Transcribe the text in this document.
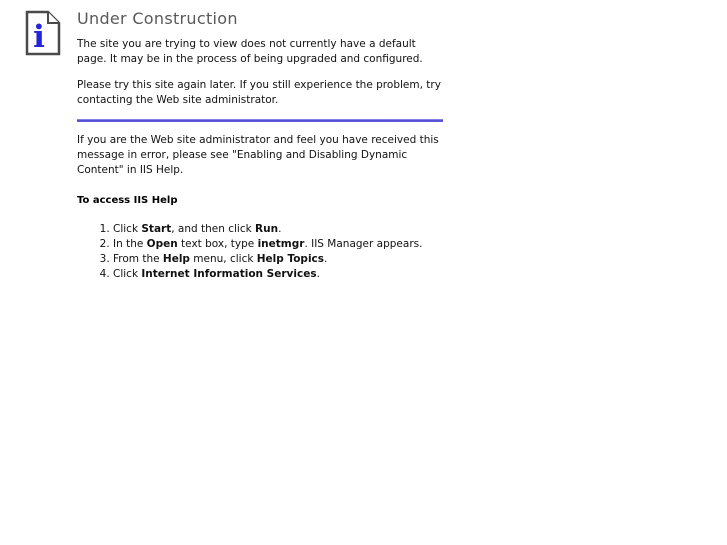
i
Under Construction

The site you are trying to view does not currently have a default page. It may be in the process of being upgraded and configured.

Please try this site again later. If you still experience the problem, try contacting the Web site administrator.

If you are the Web site administrator and feel you have received this message in error, please see "Enabling and Disabling Dynamic Content" in IIS Help.

To access IIS Help
1. Click Start, and then click Run.
2. In the Open text box, type inetmgr. IIS Manager appears.
3. From the Help menu, click Help Topics.
4. Click Internet Information Services.
